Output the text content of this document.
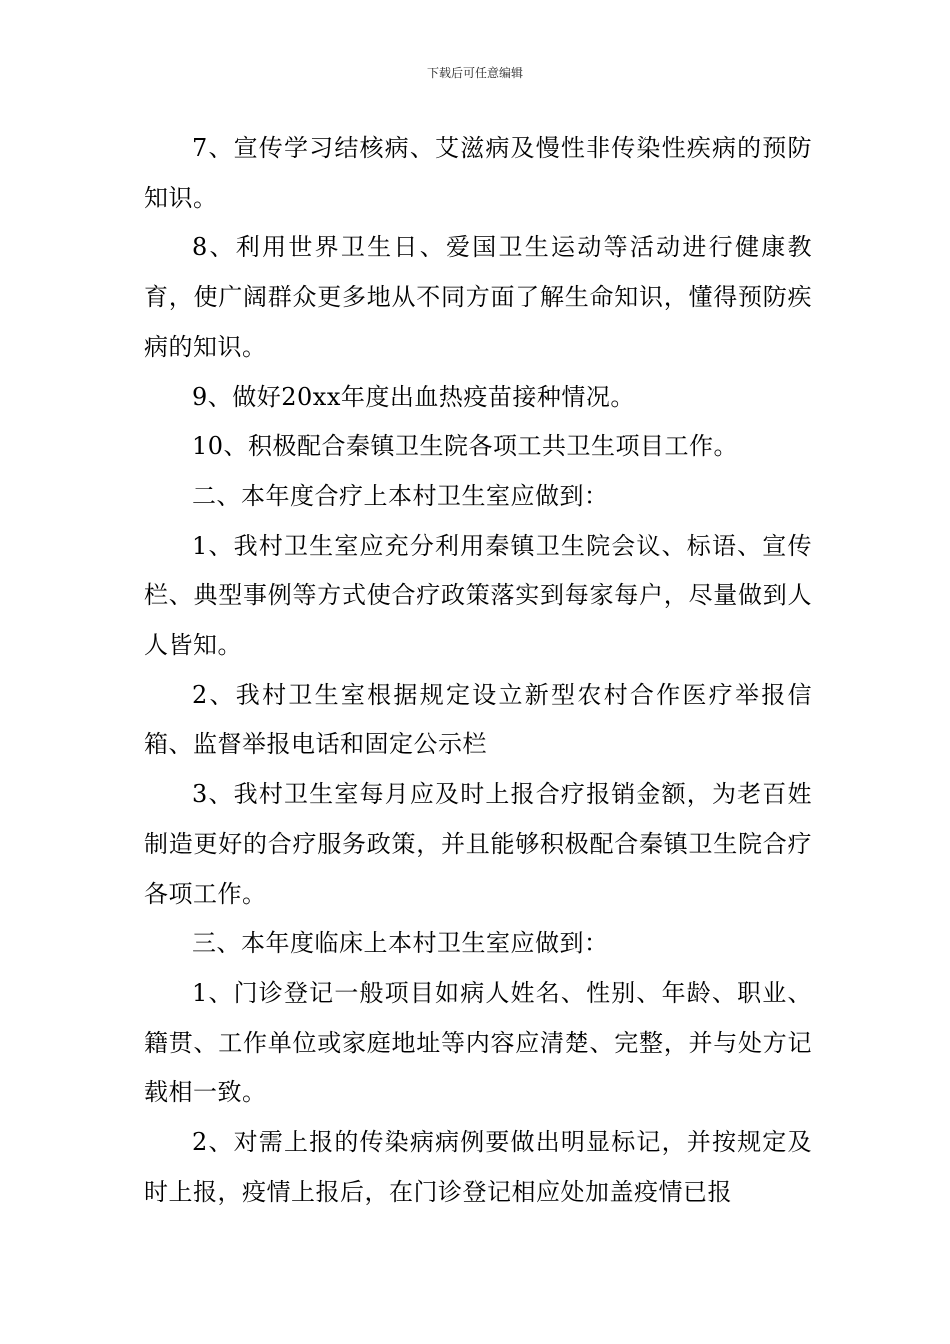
下载后可任意编辑

7、宣传学习结核病、艾滋病及慢性非传染性疾病的预防知识。

8、利用世界卫生日、爱国卫生运动等活动进行健康教育，使广阔群众更多地从不同方面了解生命知识，懂得预防疾病的知识。

9、做好20xx年度出血热疫苗接种情况。

10、积极配合秦镇卫生院各项工共卫生项目工作。

二、本年度合疗上本村卫生室应做到：

1、我村卫生室应充分利用秦镇卫生院会议、标语、宣传栏、典型事例等方式使合疗政策落实到每家每户，尽量做到人人皆知。

2、我村卫生室根据规定设立新型农村合作医疗举报信箱、监督举报电话和固定公示栏

3、我村卫生室每月应及时上报合疗报销金额，为老百姓制造更好的合疗服务政策，并且能够积极配合秦镇卫生院合疗各项工作。

三、本年度临床上本村卫生室应做到：

1、门诊登记一般项目如病人姓名、性别、年龄、职业、籍贯、工作单位或家庭地址等内容应清楚、完整，并与处方记载相一致。

2、对需上报的传染病病例要做出明显标记，并按规定及时上报，疫情上报后，在门诊登记相应处加盖疫情已报
